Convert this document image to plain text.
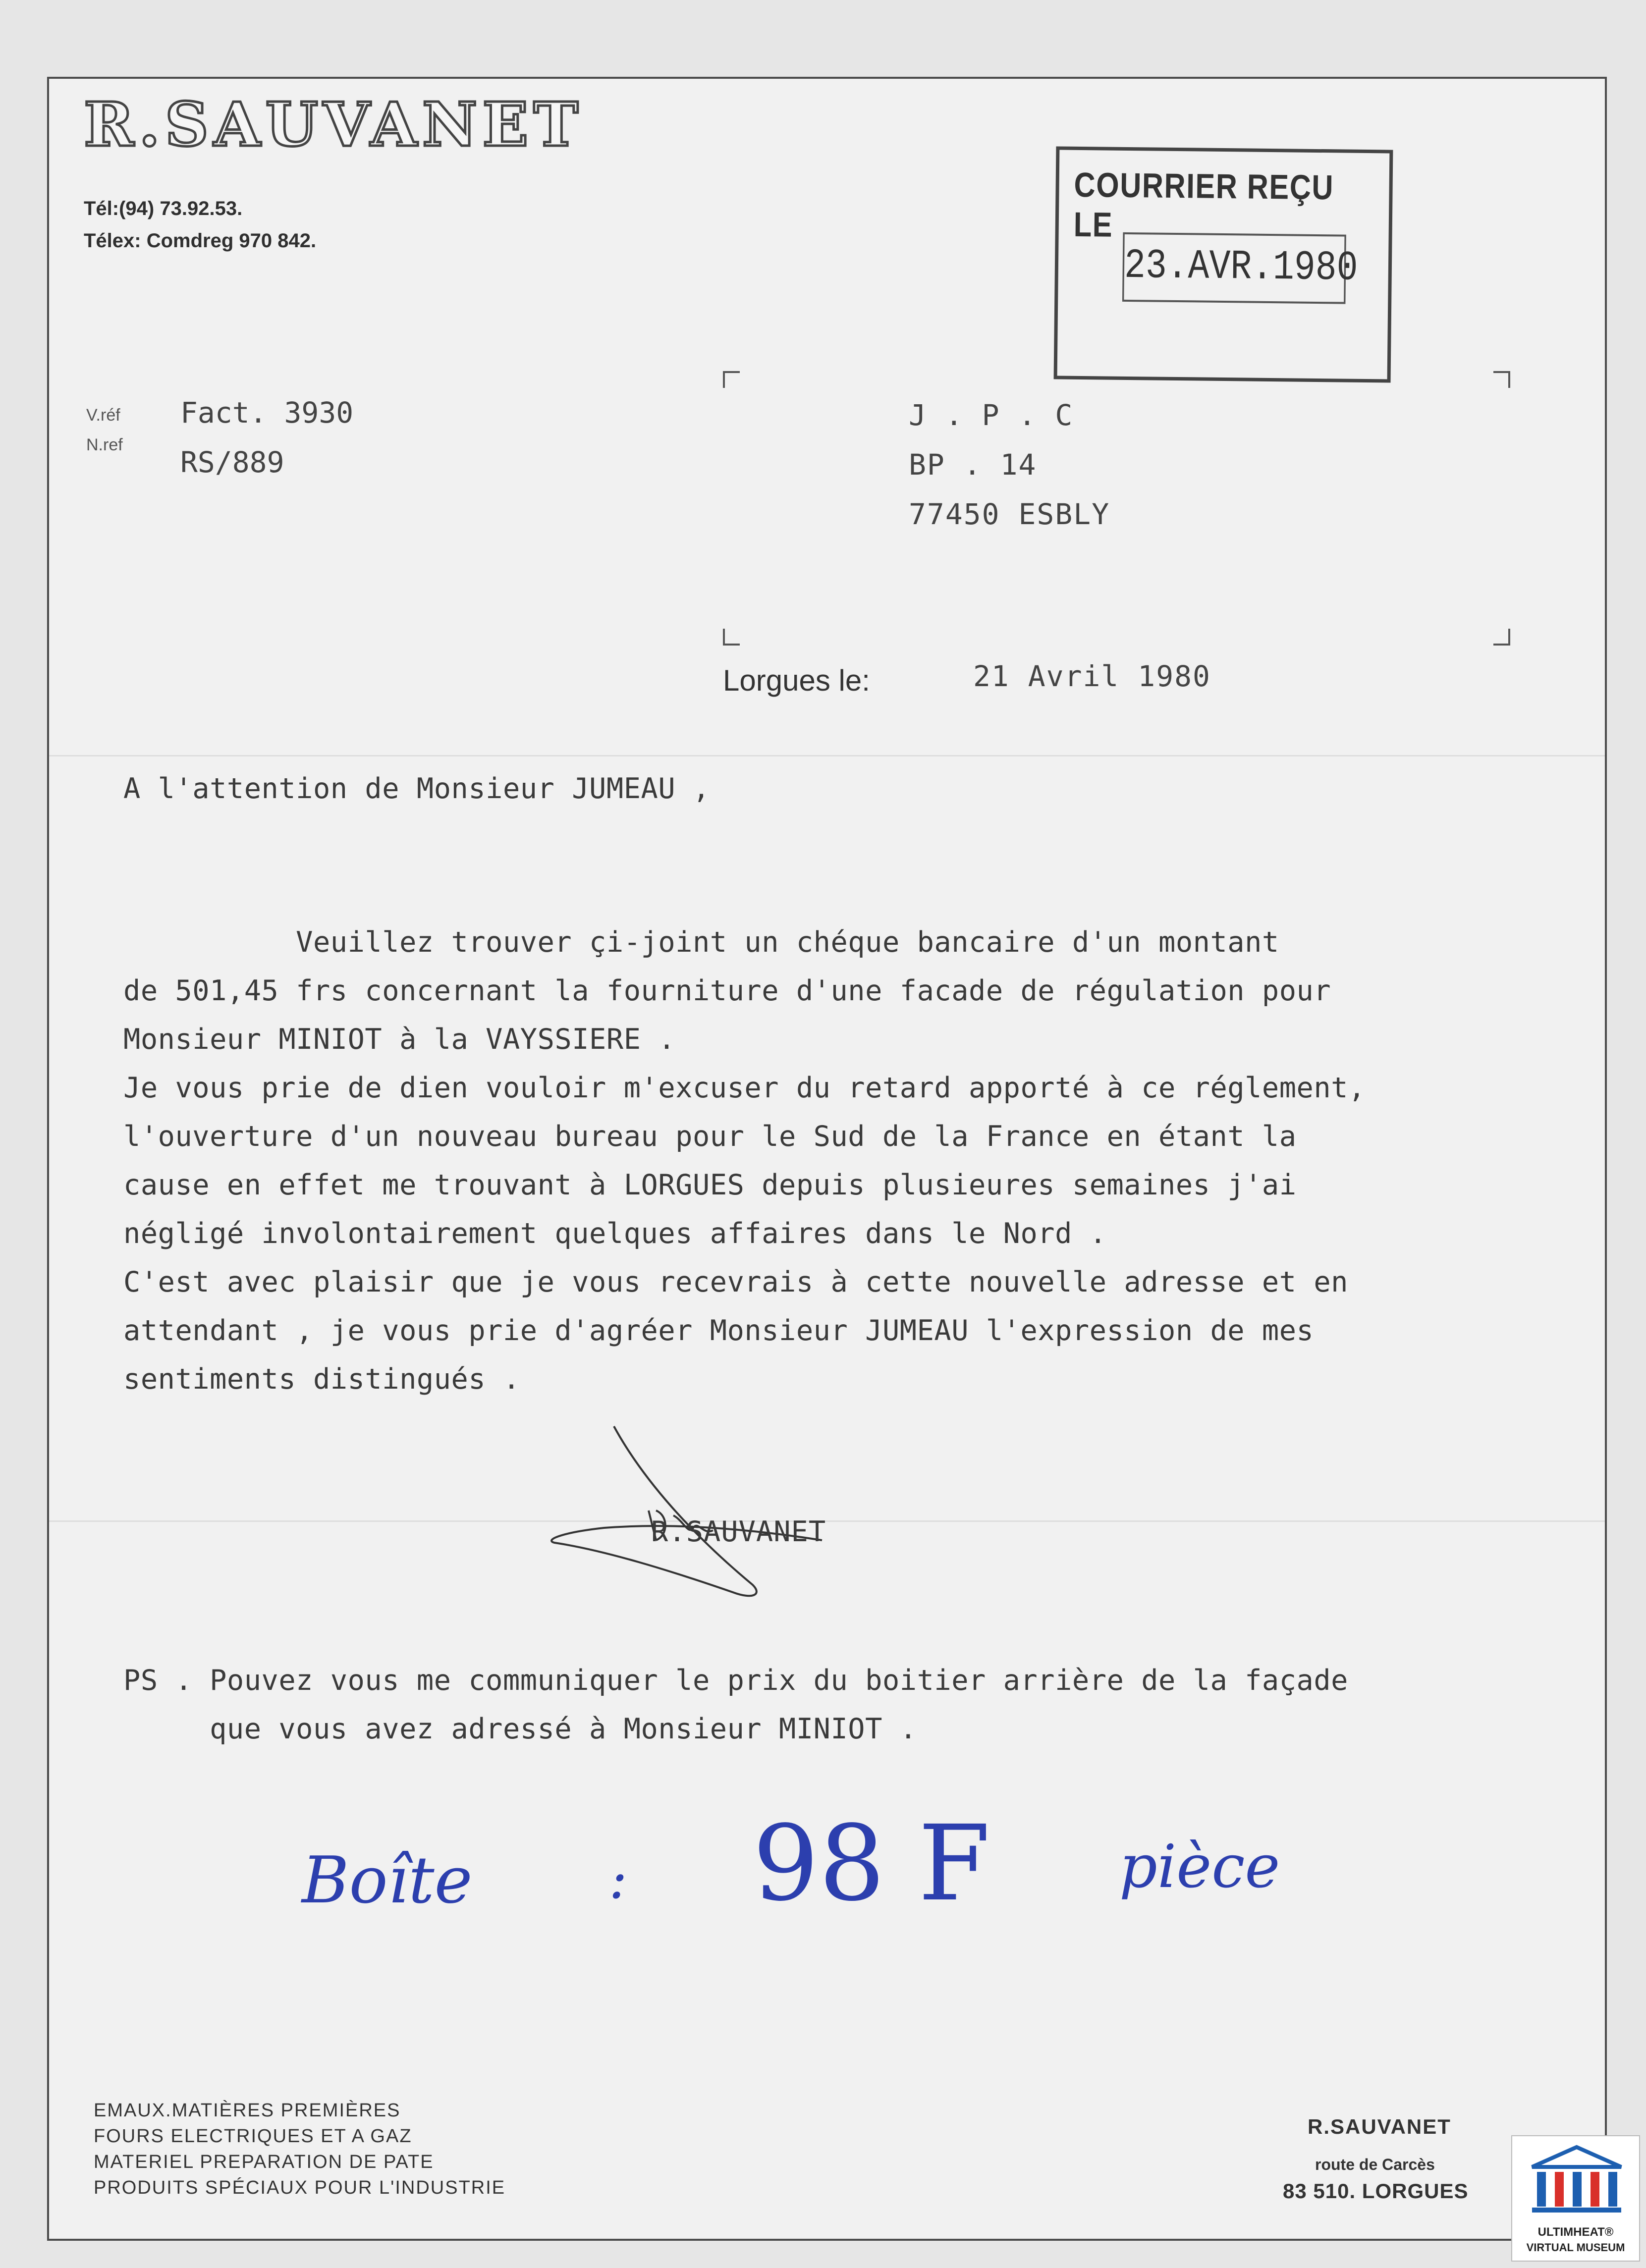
R.SAUVANET
Tél:(94) 73.92.53.
Télex: Comdreg 970 842.
V.réf Fact. 3930
N.ref
RS/889
COURRIER REÇU LE
23.AVR.1980
J . P . C
BP . 14
77450 ESBLY
Lorgues le:	21 Avril 1980
A l'attention de Monsieur JUMEAU ,
Veuillez trouver çi-joint un chéque bancaire d'un montant
de 501,45 frs concernant la fourniture d'une facade de régulation pour
Monsieur MINIOT à la VAYSSIERE .
Je vous prie de dien vouloir m'excuser du retard apporté à ce réglement,
l'ouverture d'un nouveau bureau pour le Sud de la France en étant la
cause en effet me trouvant à LORGUES depuis plusieures semaines j'ai
négligé involontairement quelques affaires dans le Nord .
C'est avec plaisir que je vous recevrais à cette nouvelle adresse et en
attendant , je vous prie d'agréer Monsieur JUMEAU l'expression de mes
sentiments distingués .
R.SAUVANET
PS . Pouvez vous me communiquer le prix du boitier arrière de la façade
que vous avez adressé à Monsieur MINIOT .
Boîte	: 98 F pièce
EMAUX.MATIÈRES PREMIÈRES
FOURS ELECTRIQUES ET A GAZ
MATERIEL PREPARATION DE PATE
PRODUITS SPÉCIAUX POUR L'INDUSTRIE
R.SAUVANET
route de Carcès
83 510. LORGUES
ULTIMHEAT®
VIRTUAL MUSEUM
